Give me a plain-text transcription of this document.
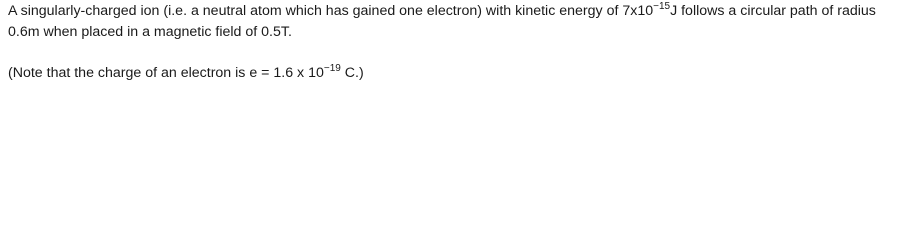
A singularly-charged ion (i.e. a neutral atom which has gained one electron) with kinetic energy of $7x10^{-15}J$ follows a circular path of radius
0.6m when placed in a magnetic field of 0.5T.
(Note that the charge of an electron is e = 1.6 x $10^{-19}$ C.)
